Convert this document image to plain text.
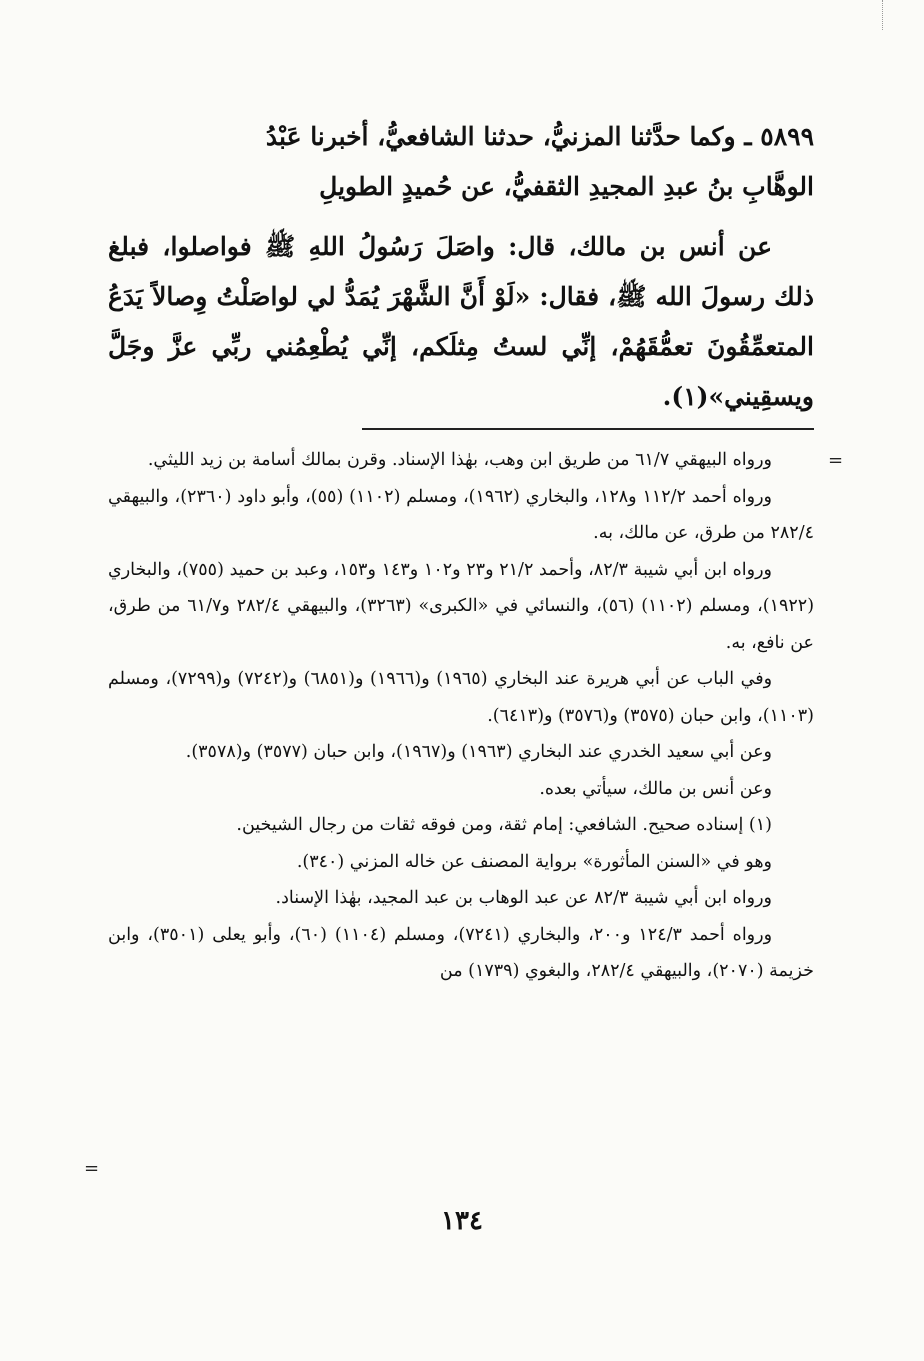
٥٨٩٩ ـ وكما حدَّثنا المزنيُّ، حدثنا الشافعيُّ، أخبرنا عَبْدُ

الوهَّابِ بنُ عبدِ المجيدِ الثقفيُّ، عن حُميدٍ الطويلِ

عن أنس بن مالك، قال: واصَلَ رَسُولُ اللهِ ﷺ فواصلوا، فبلغ ذلك رسولَ الله ﷺ، فقال: «لَوْ أَنَّ الشَّهْرَ يُمَدُّ لي لواصَلْتُ وِصالاً يَدَعُ المتعمِّقُونَ تعمُّقَهُمْ، إنِّي لستُ مِثلَكم، إنِّي يُطْعِمُني ربِّي عزَّ وجَلَّ ويسقِيني»(١).

=

ورواه البيهقي ٧/‏٦١ من طريق ابن وهب، بهٰذا الإسناد. وقرن بمالك أسامة بن زيد الليثي.

ورواه أحمد ٢/‏١١٢ و١٢٨، والبخاري (١٩٦٢)، ومسلم (١١٠٢) (٥٥)، وأبو داود (٢٣٦٠)، والبيهقي ٤/‏٢٨٢ من طرق، عن مالك، به.

ورواه ابن أبي شيبة ٣/‏٨٢، وأحمد ٢/‏٢١ و٢٣ و١٠٢ و١٤٣ و١٥٣، وعبد بن حميد (٧٥٥)، والبخاري (١٩٢٢)، ومسلم (١١٠٢) (٥٦)، والنسائي في «الكبرى» (٣٢٦٣)، والبيهقي ٤/‏٢٨٢ و٧/‏٦١ من طرق، عن نافع، به.

وفي الباب عن أبي هريرة عند البخاري (١٩٦٥) و(١٩٦٦) و(٦٨٥١) و(٧٢٤٢) و(٧٢٩٩)، ومسلم (١١٠٣)، وابن حبان (٣٥٧٥) و(٣٥٧٦) و(٦٤١٣).

وعن أبي سعيد الخدري عند البخاري (١٩٦٣) و(١٩٦٧)، وابن حبان (٣٥٧٧) و(٣٥٧٨).

وعن أنس بن مالك، سيأتي بعده.

(١) إسناده صحيح. الشافعي: إمام ثقة، ومن فوقه ثقات من رجال الشيخين.

وهو في «السنن المأثورة» برواية المصنف عن خاله المزني (٣٤٠).

ورواه ابن أبي شيبة ٣/‏٨٢ عن عبد الوهاب بن عبد المجيد، بهٰذا الإسناد.

ورواه أحمد ٣/‏١٢٤ و٢٠٠، والبخاري (٧٢٤١)، ومسلم (١١٠٤) (٦٠)، وأبو يعلى (٣٥٠١)، وابن خزيمة (٢٠٧٠)، والبيهقي ٤/‏٢٨٢، والبغوي (١٧٣٩) من

=
١٣٤
